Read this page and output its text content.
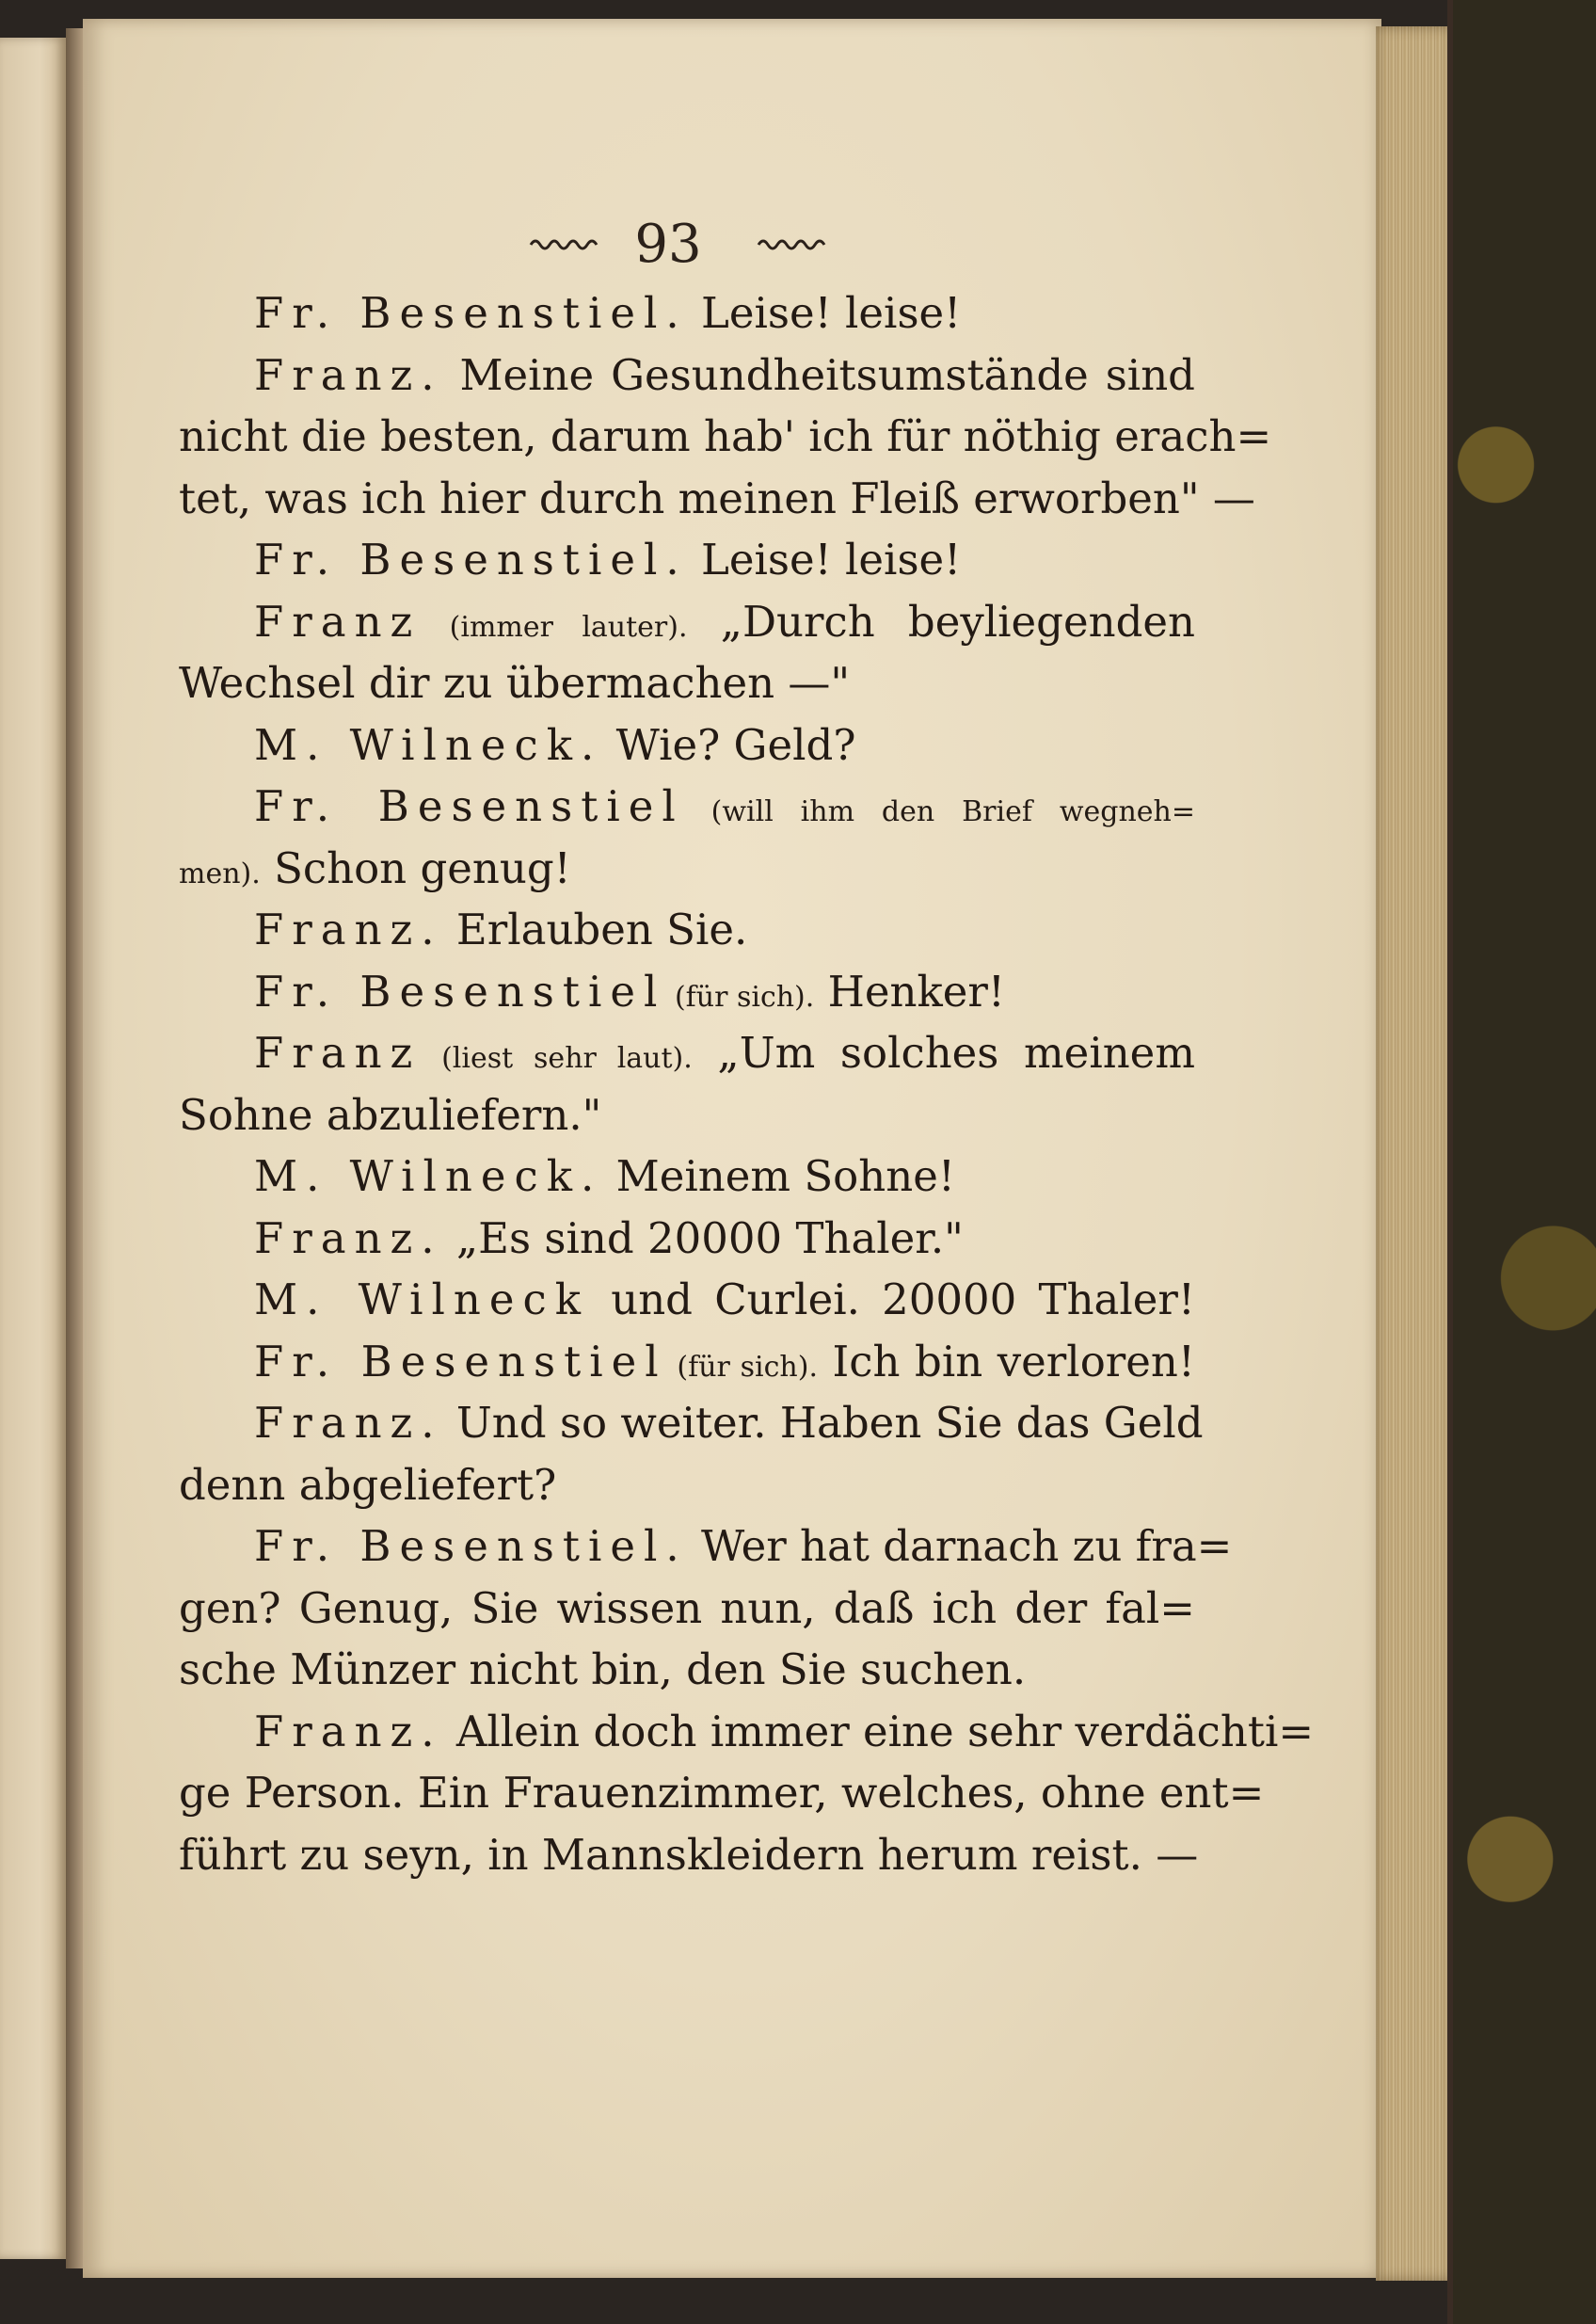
93
Fr. Besenstiel. Leise! leise!
Franz. Meine Gesundheitsumstände sind
nicht die besten, darum hab' ich für nöthig erach=
tet, was ich hier durch meinen Fleiß erworben" —
Fr. Besenstiel. Leise! leise!
Franz (immer lauter). „Durch beyliegenden
Wechsel dir zu übermachen —"
M. Wilneck. Wie? Geld?
Fr. Besenstiel (will ihm den Brief wegneh=
men). Schon genug!
Franz. Erlauben Sie.
Fr. Besenstiel (für sich). Henker!
Franz (liest sehr laut). „Um solches meinem
Sohne abzuliefern."
M. Wilneck. Meinem Sohne!
Franz. „Es sind 20000 Thaler."
M. Wilneck und Curlei. 20000 Thaler!
Fr. Besenstiel (für sich). Ich bin verloren!
Franz. Und so weiter. Haben Sie das Geld
denn abgeliefert?
Fr. Besenstiel. Wer hat darnach zu fra=
gen? Genug, Sie wissen nun, daß ich der fal=
sche Münzer nicht bin, den Sie suchen.
Franz. Allein doch immer eine sehr verdächti=
ge Person. Ein Frauenzimmer, welches, ohne ent=
führt zu seyn, in Mannskleidern herum reist. —
